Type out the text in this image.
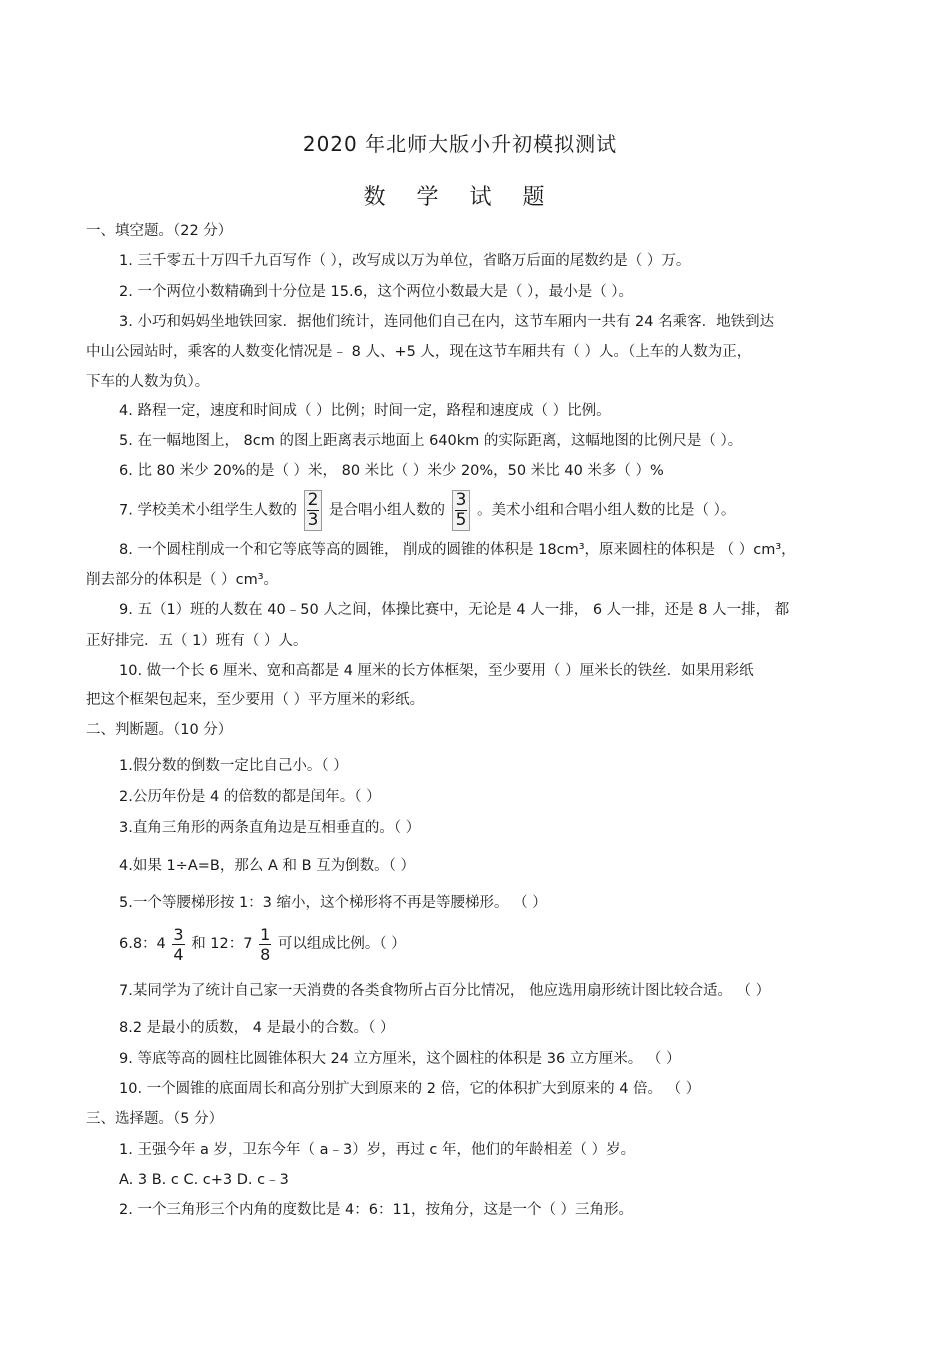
2020 年北师大版小升初模拟测试
数 学 试 题
一、填空题。（22 分）
1. 三千零五十万四千九百写作（ ），改写成以万为单位，省略万后面的尾数约是（ ）万。
2. 一个两位小数精确到十分位是 15.6，这个两位小数最大是（ ），最小是（ ）。
3. 小巧和妈妈坐地铁回家．据他们统计，连同他们自己在内，这节车厢内一共有 24 名乘客．地铁到达
中山公园站时，乘客的人数变化情况是﹣ 8 人、+5 人，现在这节车厢共有（ ）人。（上车的人数为正，
下车的人数为负）。
4. 路程一定，速度和时间成（ ）比例；时间一定，路程和速度成（ ）比例。
5. 在一幅地图上， 8cm 的图上距离表示地面上 640km 的实际距离，这幅地图的比例尺是（ ）。
6. 比 80 米少 20%的是（ ）米， 80 米比（ ）米少 20%，50 米比 40 米多（ ）%
7. 学校美术小组学生人数的 $\frac{2}{3}$ 是合唱小组人数的 $\frac{3}{5}$ 。美术小组和合唱小组人数的比是（ ）。
8. 一个圆柱削成一个和它等底等高的圆锥， 削成的圆锥的体积是 18cm³，原来圆柱的体积是 （ ）cm³，
削去部分的体积是（ ）cm³。
9. 五（1）班的人数在 40﹣50 人之间，体操比赛中，无论是 4 人一排， 6 人一排，还是 8 人一排， 都
正好排完．五（ 1）班有（ ）人。
10. 做一个长 6 厘米、宽和高都是 4 厘米的长方体框架，至少要用（ ）厘米长的铁丝．如果用彩纸
把这个框架包起来，至少要用（ ）平方厘米的彩纸。
二、判断题。（10 分）
1.假分数的倒数一定比自己小。（ ）
2.公历年份是 4 的倍数的都是闰年。（ ）
3.直角三角形的两条直角边是互相垂直的。（ ）
4.如果 1÷A=B，那么 A 和 B 互为倒数。（ ）
5.一个等腰梯形按 1：3 缩小，这个梯形将不再是等腰梯形。 （ ）
6.8：$4 \frac{3}{4}$ 和 12：$7 \frac{1}{8}$ 可以组成比例。（ ）
7.某同学为了统计自己家一天消费的各类食物所占百分比情况， 他应选用扇形统计图比较合适。 （ ）
8.2 是最小的质数， 4 是最小的合数。（ ）
9. 等底等高的圆柱比圆锥体积大 24 立方厘米，这个圆柱的体积是 36 立方厘米。 （ ）
10. 一个圆锥的底面周长和高分别扩大到原来的 2 倍，它的体积扩大到原来的 4 倍。 （ ）
三、选择题。（5 分）
1. 王强今年 a 岁，卫东今年（ a﹣3）岁，再过 c 年，他们的年龄相差（ ）岁。
A. 3 B. c C. c+3 D. c﹣3
2. 一个三角形三个内角的度数比是 4：6：11，按角分，这是一个（ ）三角形。
